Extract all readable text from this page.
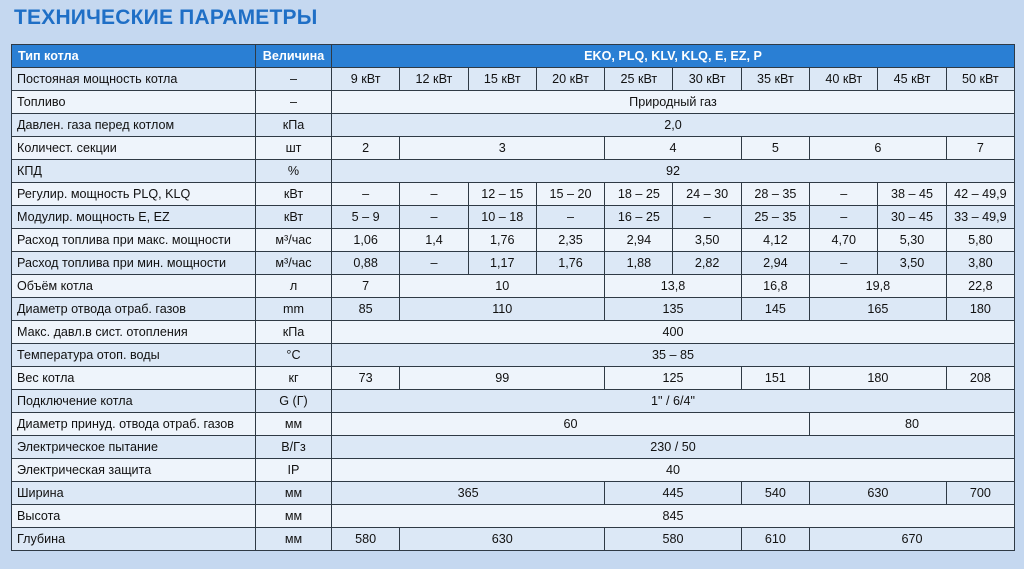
ТЕХНИЧЕСКИЕ ПАРАМЕТРЫ
Тип котла	Величина	EKO, PLQ, KLV, KLQ, E, EZ, P									
Постояная мощность котла	–	9 кВт	12 кВт	15 кВт	20 кВт	25 кВт	30 кВт	35 кВт	40 кВт	45 кВт	50 кВт
Топливо	–	Природный газ									
Давлен. газа перед котлом	кПа	2,0									
Количест. секции	шт	2	3			4		5	6		7
КПД	%	92									
Регулир. мощность PLQ, KLQ	кВт	–	–	12 – 15	15 – 20	18 – 25	24 – 30	28 – 35	–	38 – 45	42 – 49,9
Модулир. мощность E, EZ	кВт	5 – 9	–	10 – 18	–	16 – 25	–	25 – 35	–	30 – 45	33 – 49,9
Расход топлива при макс. мощности	м³/час	1,06	1,4	1,76	2,35	2,94	3,50	4,12	4,70	5,30	5,80
Расход топлива при мин. мощности	м³/час	0,88	–	1,17	1,76	1,88	2,82	2,94	–	3,50	3,80
Объём котла	л	7	10			13,8		16,8	19,8		22,8
Диаметр отвода отраб. газов	mm	85	110			135		145	165		180
Макс. давл.в сист. отопления	кПа	400									
Температура отоп. воды	°C	35 – 85									
Вес котла	кг	73	99			125		151	180		208
Подключение котла	G (Г)	1" / 6/4"									
Диаметр принуд. отвода отраб. газов	мм	60							80		
Электрическое пытание	В/Гз	230 / 50									
Электрическая защита	IP	40									
Ширина	мм	365				445		540	630		700
Высота	мм	845									
Глубина	мм	580	630			580		610	670		
